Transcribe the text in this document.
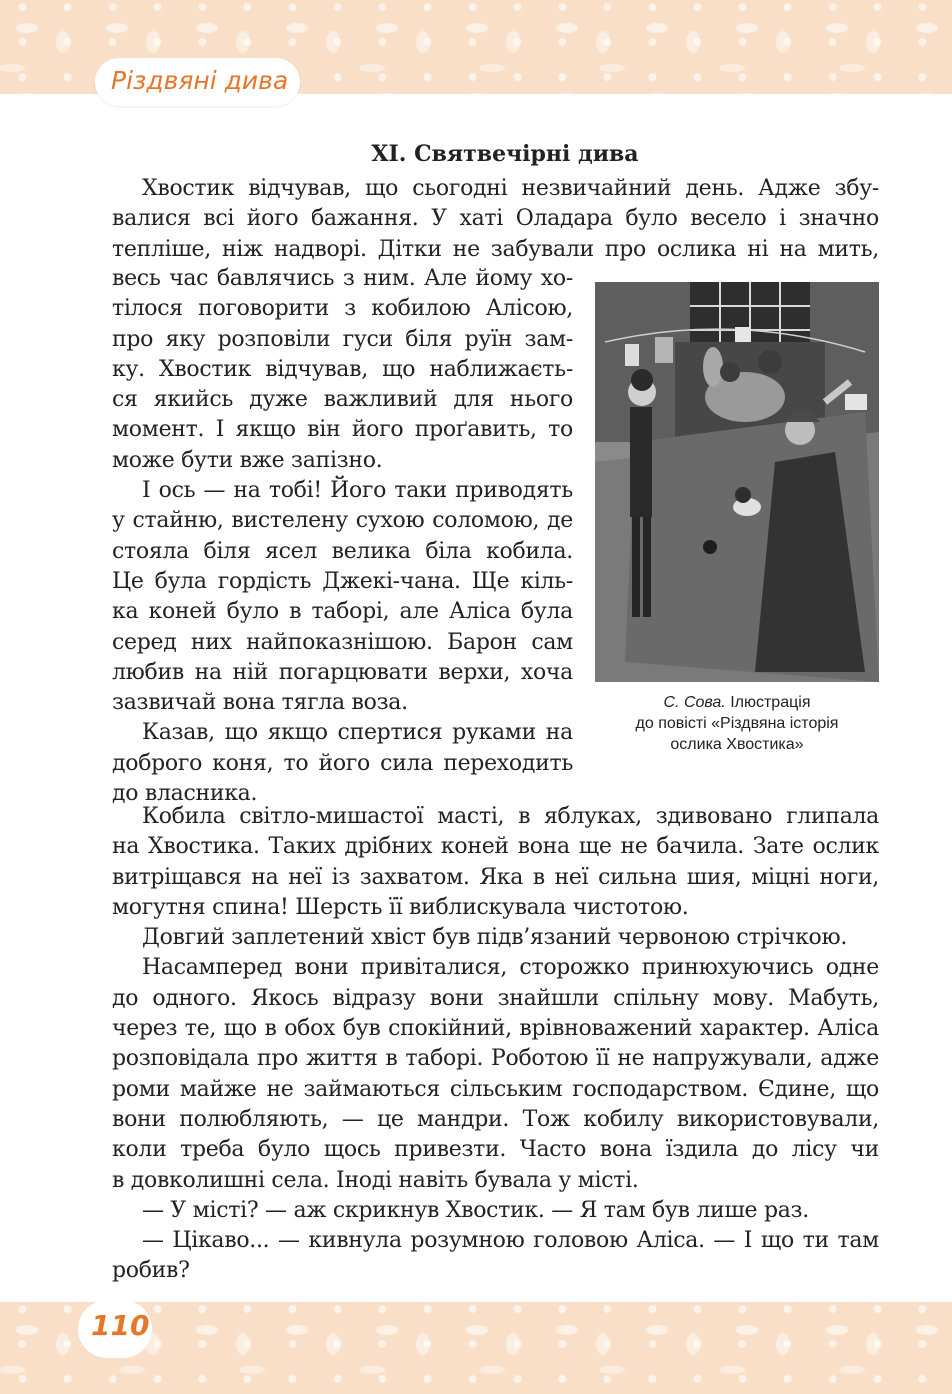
Різдвяні дива
ХІ. Святвечірні дива
Хвостик відчував, що сьогодні незвичайний день. Адже збу-
валися всі його бажання. У хаті Оладара було весело і значно
тепліше, ніж надворі. Дітки не забували про ослика ні на мить,
весь час бавлячись з ним. Але йому хо-
тілося поговорити з кобилою Алісою,
про яку розповіли гуси біля руїн зам-
ку. Хвостик відчував, що наближаєть-
ся якийсь дуже важливий для нього
момент. І якщо він його проґавить, то
може бути вже запізно.
І ось — на тобі! Його таки приводять
у стайню, вистелену сухою соломою, де
стояла біля ясел велика біла кобила.
Це була гордість Джекі-чана. Ще кіль-
ка коней було в таборі, але Аліса була
серед них найпоказнішою. Барон сам
любив на ній погарцювати верхи, хоча
зазвичай вона тягла воза.
Казав, що якщо спертися руками на
доброго коня, то його сила переходить
до власника.
С. Сова. Ілюстрація
до повісті «Різдвяна історія
ослика Хвостика»
Кобила світло-мишастої масті, в яблуках, здивовано глипала
на Хвостика. Таких дрібних коней вона ще не бачила. Зате ослик
витріщався на неї із захватом. Яка в неї сильна шия, міцні ноги,
могутня спина! Шерсть її виблискувала чистотою.
Довгий заплетений хвіст був підв’язаний червоною стрічкою.
Насамперед вони привіталися, сторожко принюхуючись одне
до одного. Якось відразу вони знайшли спільну мову. Мабуть,
через те, що в обох був спокійний, врівноважений характер. Аліса
розповідала про життя в таборі. Роботою її не напружували, адже
роми майже не займаються сільським господарством. Єдине, що
вони полюбляють, — це мандри. Тож кобилу використовували,
коли треба було щось привезти. Часто вона їздила до лісу чи
в довколишні села. Іноді навіть бувала у місті.
— У місті? — аж скрикнув Хвостик. — Я там був лише раз.
— Цікаво... — кивнула розумною головою Аліса. — І що ти там
робив?
110
